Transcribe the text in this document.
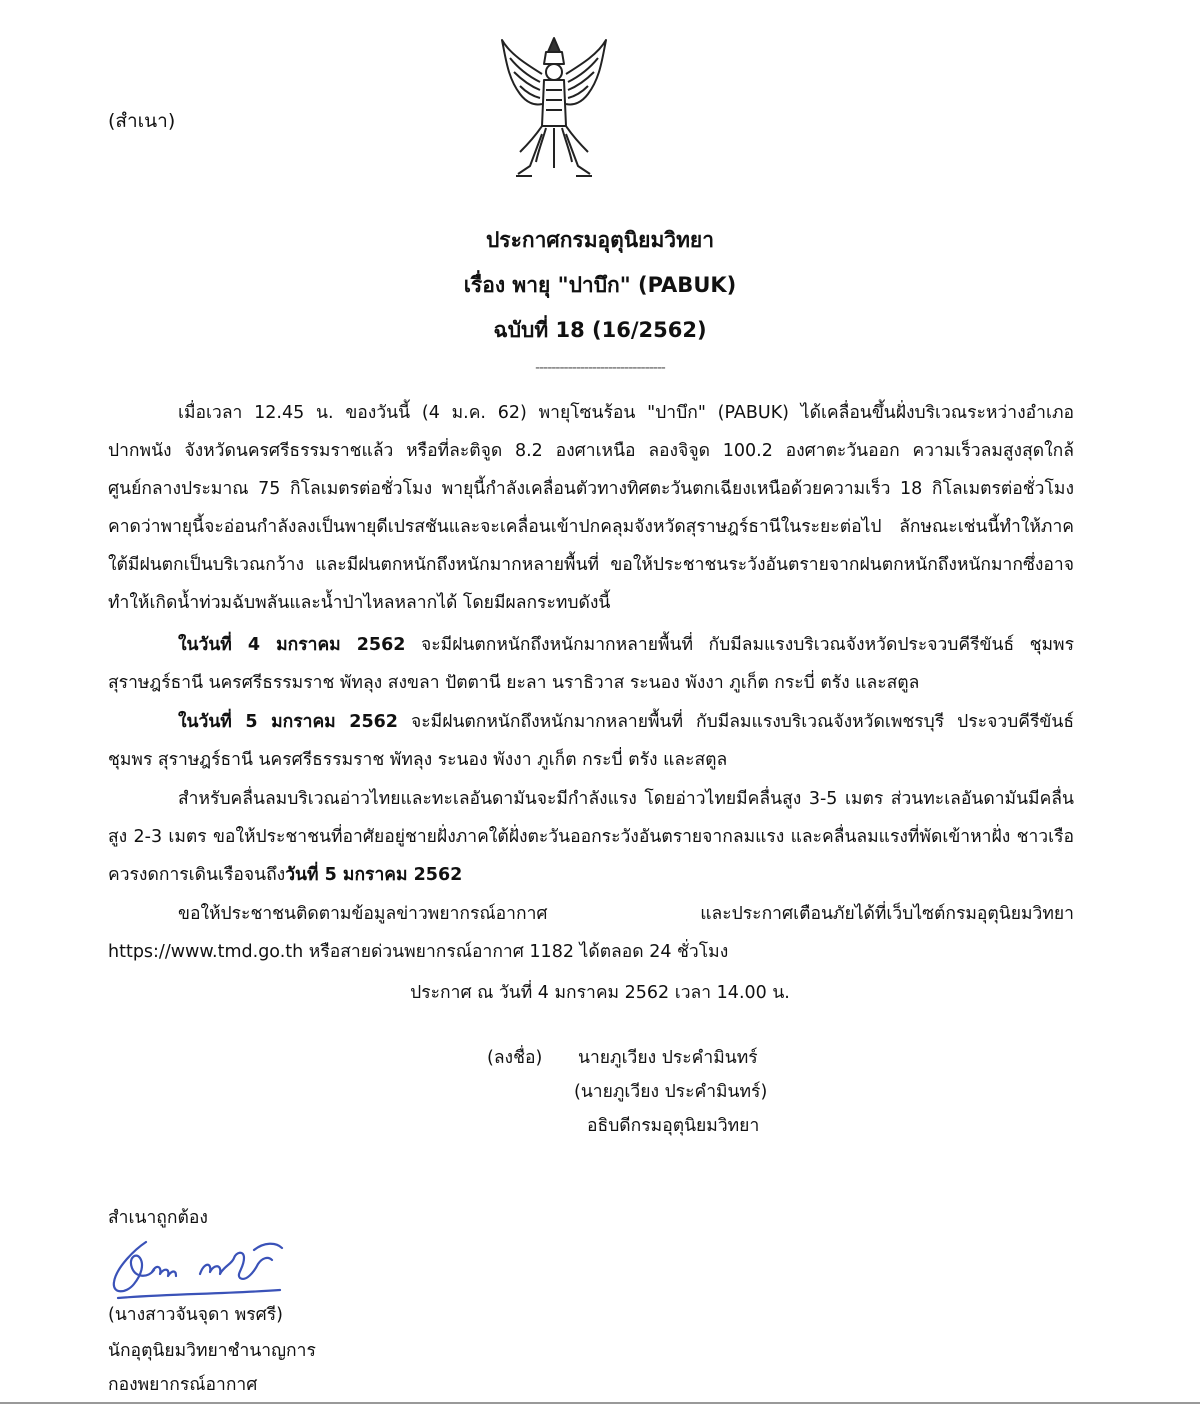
(สำเนา)
ประกาศกรมอุตุนิยมวิทยา
เรื่อง พายุ "ปาบึก" (PABUK)
ฉบับที่ 18 (16/2562)
--------------------------------
เมื่อเวลา 12.45 น. ของวันนี้ (4 ม.ค. 62) พายุโซนร้อน "ปาบึก" (PABUK) ได้เคลื่อนขึ้นฝั่งบริเวณระหว่างอำเภอปากพนัง จังหวัดนครศรีธรรมราชแล้ว หรือที่ละติจูด 8.2 องศาเหนือ ลองจิจูด 100.2 องศาตะวันออก ความเร็วลมสูงสุดใกล้ศูนย์กลางประมาณ 75 กิโลเมตรต่อชั่วโมง พายุนี้กำลังเคลื่อนตัวทางทิศตะวันตกเฉียงเหนือด้วยความเร็ว 18 กิโลเมตรต่อชั่วโมง คาดว่าพายุนี้จะอ่อนกำลังลงเป็นพายุดีเปรสชันและจะเคลื่อนเข้าปกคลุมจังหวัดสุราษฎร์ธานีในระยะต่อไป ลักษณะเช่นนี้ทำให้ภาคใต้มีฝนตกเป็นบริเวณกว้าง และมีฝนตกหนักถึงหนักมากหลายพื้นที่ ขอให้ประชาชนระวังอันตรายจากฝนตกหนักถึงหนักมากซึ่งอาจทำให้เกิดน้ำท่วมฉับพลันและน้ำป่าไหลหลากได้ โดยมีผลกระทบดังนี้
ในวันที่ 4 มกราคม 2562 จะมีฝนตกหนักถึงหนักมากหลายพื้นที่ กับมีลมแรงบริเวณจังหวัดประจวบคีรีขันธ์ ชุมพร สุราษฎร์ธานี นครศรีธรรมราช พัทลุง สงขลา ปัตตานี ยะลา นราธิวาส ระนอง พังงา ภูเก็ต กระบี่ ตรัง และสตูล
ในวันที่ 5 มกราคม 2562 จะมีฝนตกหนักถึงหนักมากหลายพื้นที่ กับมีลมแรงบริเวณจังหวัดเพชรบุรี ประจวบคีรีขันธ์ ชุมพร สุราษฎร์ธานี นครศรีธรรมราช พัทลุง ระนอง พังงา ภูเก็ต กระบี่ ตรัง และสตูล
สำหรับคลื่นลมบริเวณอ่าวไทยและทะเลอันดามันจะมีกำลังแรง โดยอ่าวไทยมีคลื่นสูง 3-5 เมตร ส่วนทะเลอันดามันมีคลื่นสูง 2-3 เมตร ขอให้ประชาชนที่อาศัยอยู่ชายฝั่งภาคใต้ฝั่งตะวันออกระวังอันตรายจากลมแรง และคลื่นลมแรงที่พัดเข้าหาฝั่ง ชาวเรือควรงดการเดินเรือจนถึงวันที่ 5 มกราคม 2562
ขอให้ประชาชนติดตามข้อมูลข่าวพยากรณ์อากาศ และประกาศเตือนภัยได้ที่เว็บไซต์กรมอุตุนิยมวิทยา https://www.tmd.go.th หรือสายด่วนพยากรณ์อากาศ 1182 ได้ตลอด 24 ชั่วโมง
ประกาศ ณ วันที่ 4 มกราคม 2562 เวลา 14.00 น.
(ลงชื่อ) นายภูเวียง ประคำมินทร์
(นายภูเวียง ประคำมินทร์)
อธิบดีกรมอุตุนิยมวิทยา
สำเนาถูกต้อง
(นางสาวจันจุดา พรศรี)
นักอุตุนิยมวิทยาชำนาญการ
กองพยากรณ์อากาศ
